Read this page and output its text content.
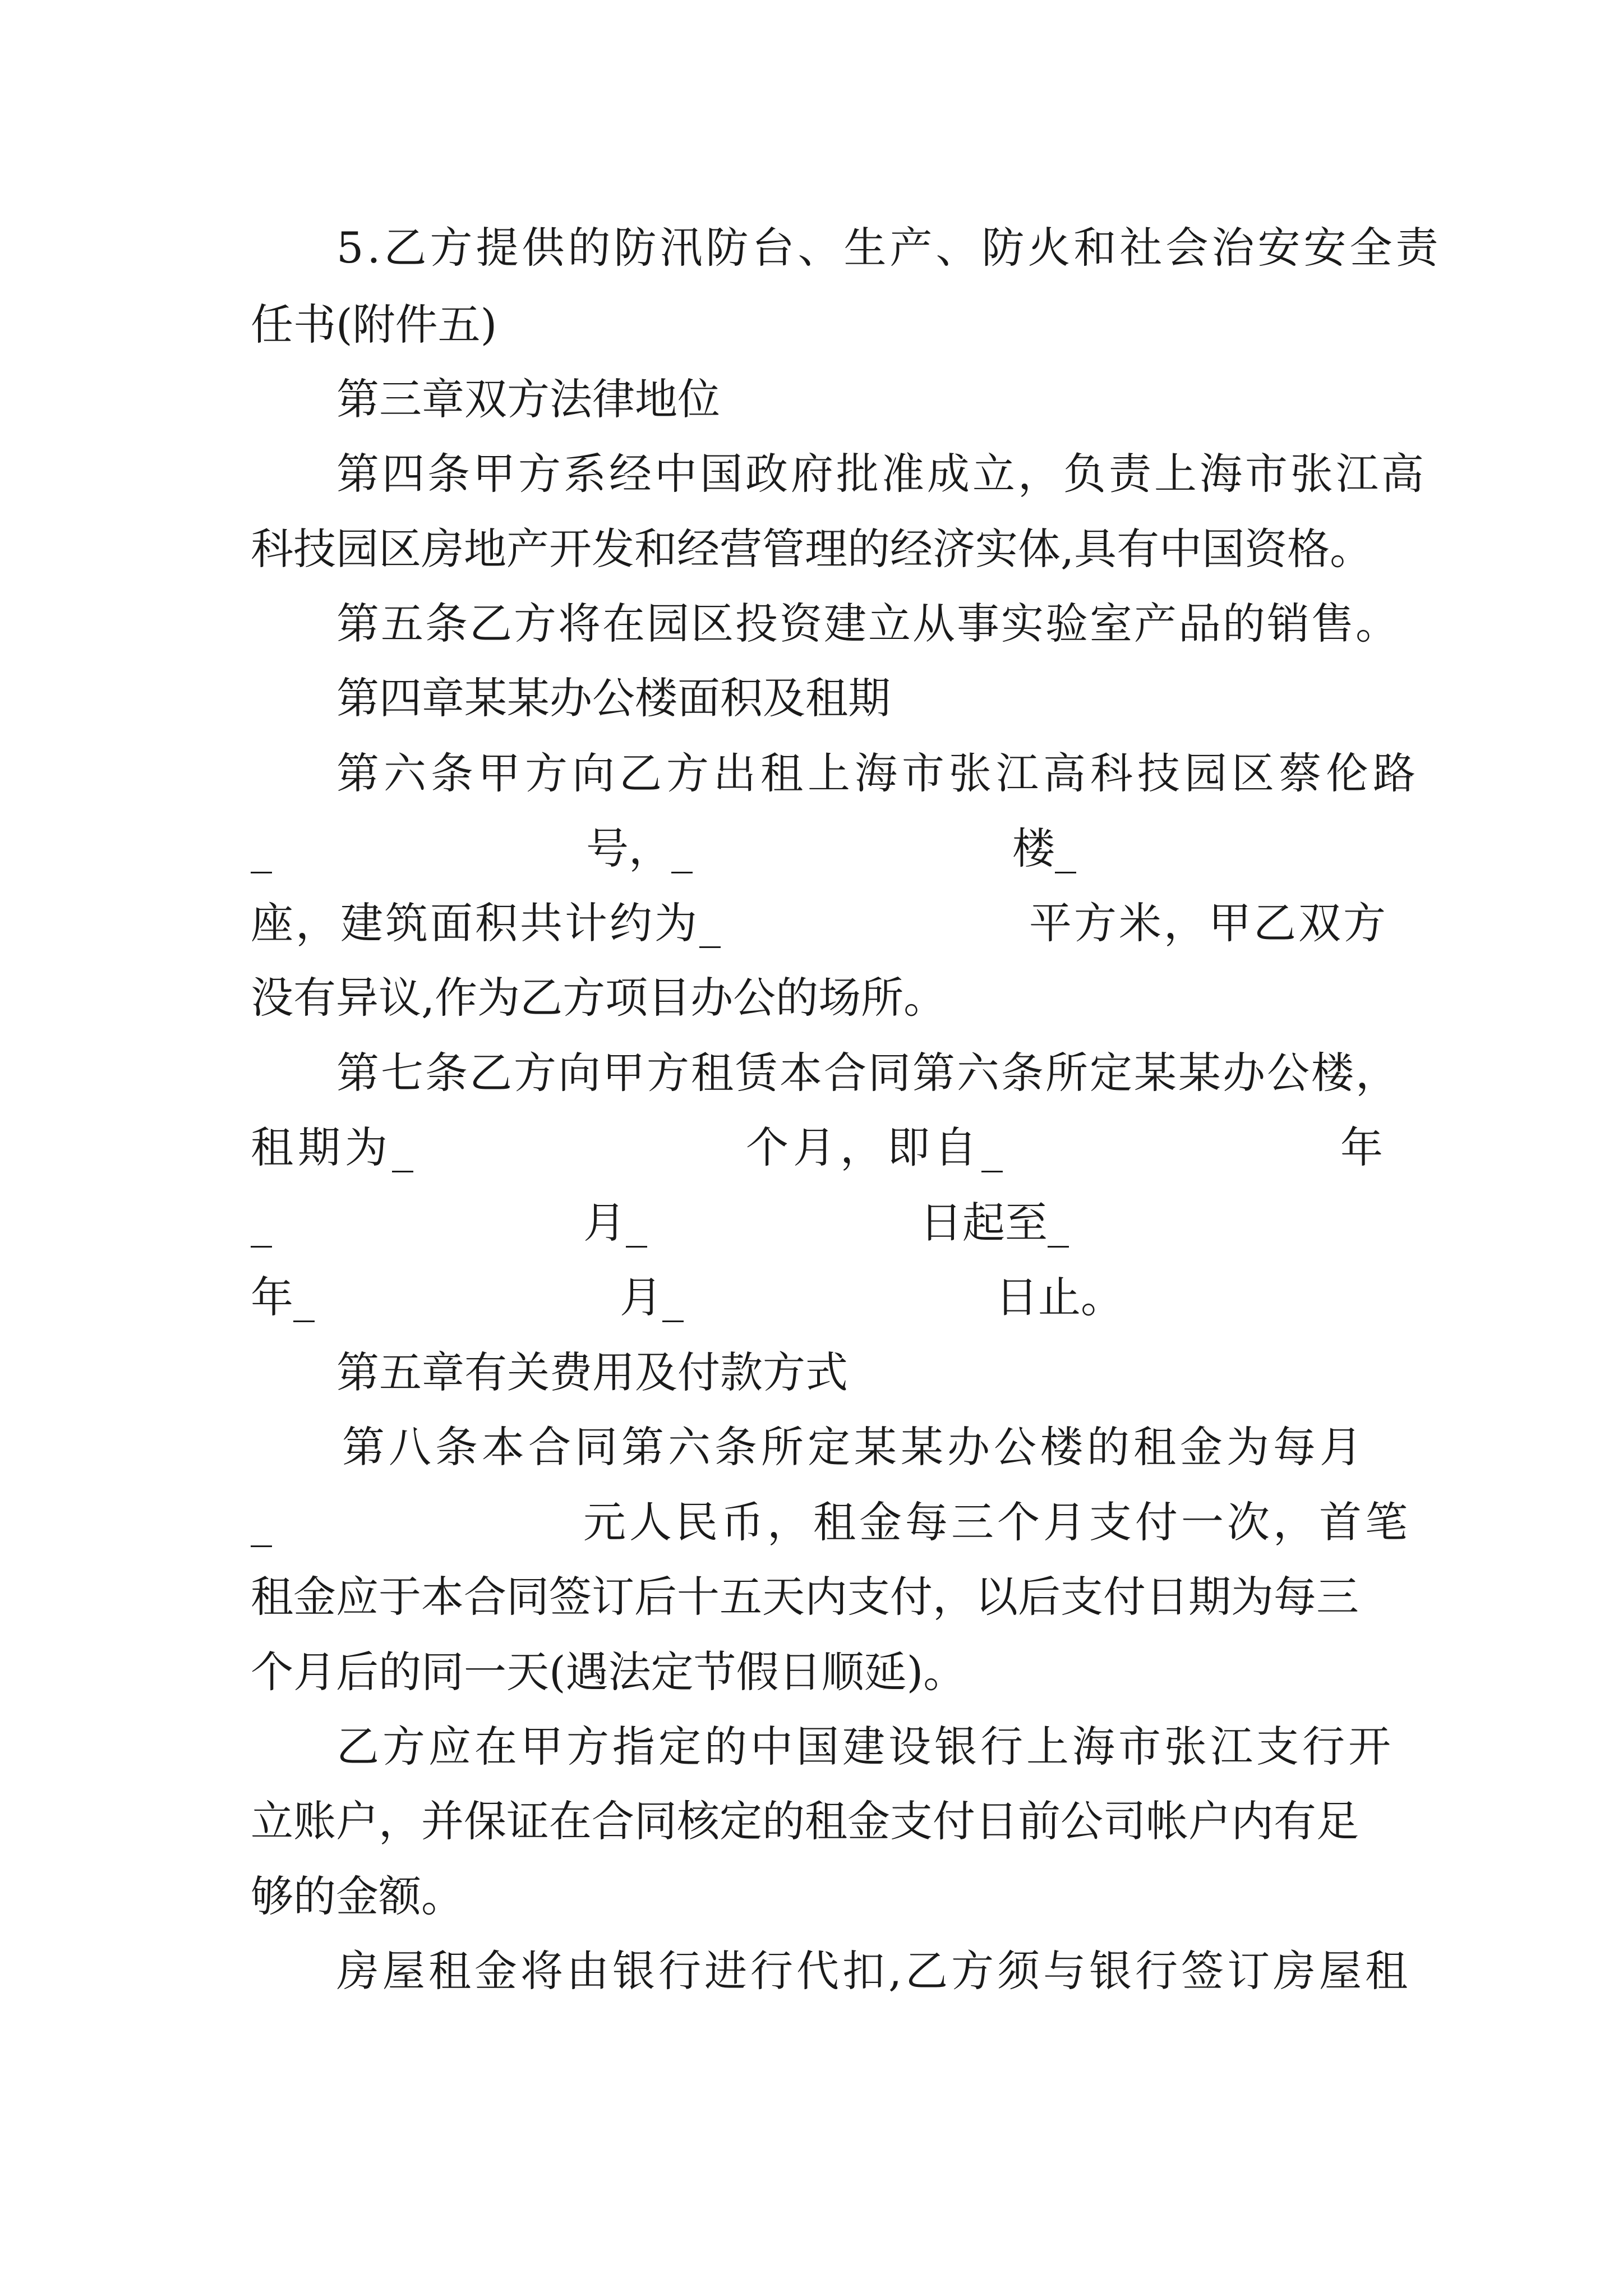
5.乙方提供的防汛防台、生产、防火和社会治安安全责
任书(附件五)
第三章双方法律地位
第四条甲方系经中国政府批准成立，负责上海市张江高
科技园区房地产开发和经营管理的经济实体,具有中国资格。
第五条乙方将在园区投资建立从事实验室产品的销售。
第四章某某办公楼面积及租期
第六条甲方向乙方出租上海市张江高科技园区蔡伦路
_	号，_	楼_
座，建筑面积共计约为_	平方米，甲乙双方
没有异议,作为乙方项目办公的场所。
第七条乙方向甲方租赁本合同第六条所定某某办公楼，
租期为_	个月，即自_	年
_	月_	日起至_
年_	月_	日止。
第五章有关费用及付款方式
第八条本合同第六条所定某某办公楼的租金为每月
_	元人民币，租金每三个月支付一次，首笔
租金应于本合同签订后十五天内支付，以后支付日期为每三
个月后的同一天(遇法定节假日顺延)。
乙方应在甲方指定的中国建设银行上海市张江支行开
立账户，并保证在合同核定的租金支付日前公司帐户内有足
够的金额。
房屋租金将由银行进行代扣,乙方须与银行签订房屋租
